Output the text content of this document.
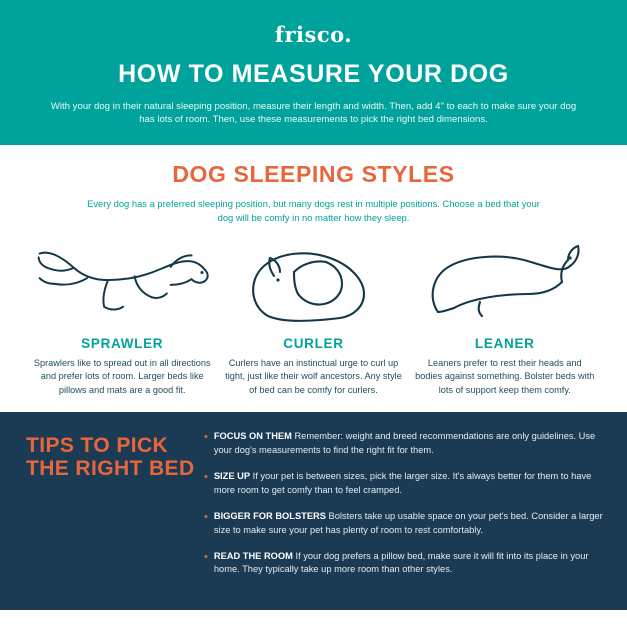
frisco.
HOW TO MEASURE YOUR DOG
With your dog in their natural sleeping position, measure their length and width. Then, add 4" to each to make sure your dog has lots of room. Then, use these measurements to pick the right bed dimensions.
DOG SLEEPING STYLES
Every dog has a preferred sleeping position, but many dogs rest in multiple positions. Choose a bed that your dog will be comfy in no matter how they sleep.
SPRAWLER
Sprawlers like to spread out in all directions and prefer lots of room. Larger beds like pillows and mats are a good fit.
CURLER
Curlers have an instinctual urge to curl up tight, just like their wolf ancestors. Any style of bed can be comfy for curlers.
LEANER
Leaners prefer to rest their heads and bodies against something. Bolster beds with lots of support keep them comfy.
TIPS TO PICK THE RIGHT BED
• FOCUS ON THEM Remember: weight and breed recommendations are only guidelines. Use your dog's measurements to find the right fit for them.
• SIZE UP If your pet is between sizes, pick the larger size. It's always better for them to have more room to get comfy than to feel cramped.
• BIGGER FOR BOLSTERS Bolsters take up usable space on your pet's bed. Consider a larger size to make sure your pet has plenty of room to rest comfortably.
• READ THE ROOM If your dog prefers a pillow bed, make sure it will fit into its place in your home. They typically take up more room than other styles.
